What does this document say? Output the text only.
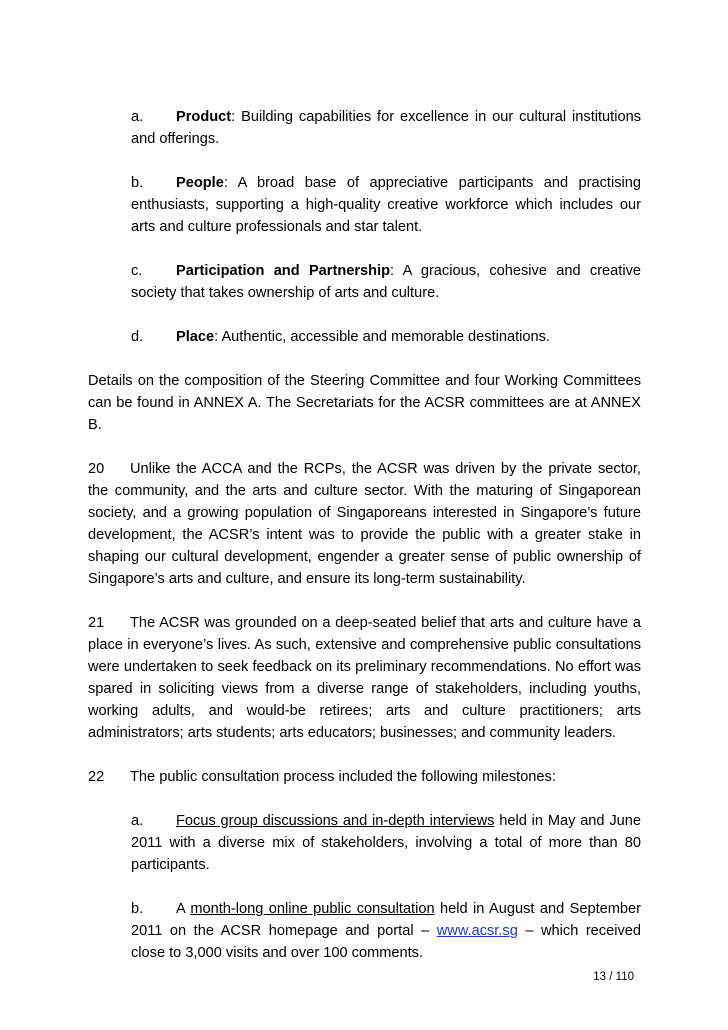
a. Product: Building capabilities for excellence in our cultural institutions and offerings.
b. People: A broad base of appreciative participants and practising enthusiasts, supporting a high-quality creative workforce which includes our arts and culture professionals and star talent.
c. Participation and Partnership: A gracious, cohesive and creative society that takes ownership of arts and culture.
d. Place: Authentic, accessible and memorable destinations.
Details on the composition of the Steering Committee and four Working Committees can be found in ANNEX A. The Secretariats for the ACSR committees are at ANNEX B.
20 Unlike the ACCA and the RCPs, the ACSR was driven by the private sector, the community, and the arts and culture sector. With the maturing of Singaporean society, and a growing population of Singaporeans interested in Singapore’s future development, the ACSR’s intent was to provide the public with a greater stake in shaping our cultural development, engender a greater sense of public ownership of Singapore’s arts and culture, and ensure its long-term sustainability.
21 The ACSR was grounded on a deep-seated belief that arts and culture have a place in everyone’s lives. As such, extensive and comprehensive public consultations were undertaken to seek feedback on its preliminary recommendations. No effort was spared in soliciting views from a diverse range of stakeholders, including youths, working adults, and would-be retirees; arts and culture practitioners; arts administrators; arts students; arts educators; businesses; and community leaders.
22 The public consultation process included the following milestones:
a. Focus group discussions and in-depth interviews held in May and June 2011 with a diverse mix of stakeholders, involving a total of more than 80 participants.
b. A month-long online public consultation held in August and September 2011 on the ACSR homepage and portal – www.acsr.sg – which received close to 3,000 visits and over 100 comments.
13 / 110
